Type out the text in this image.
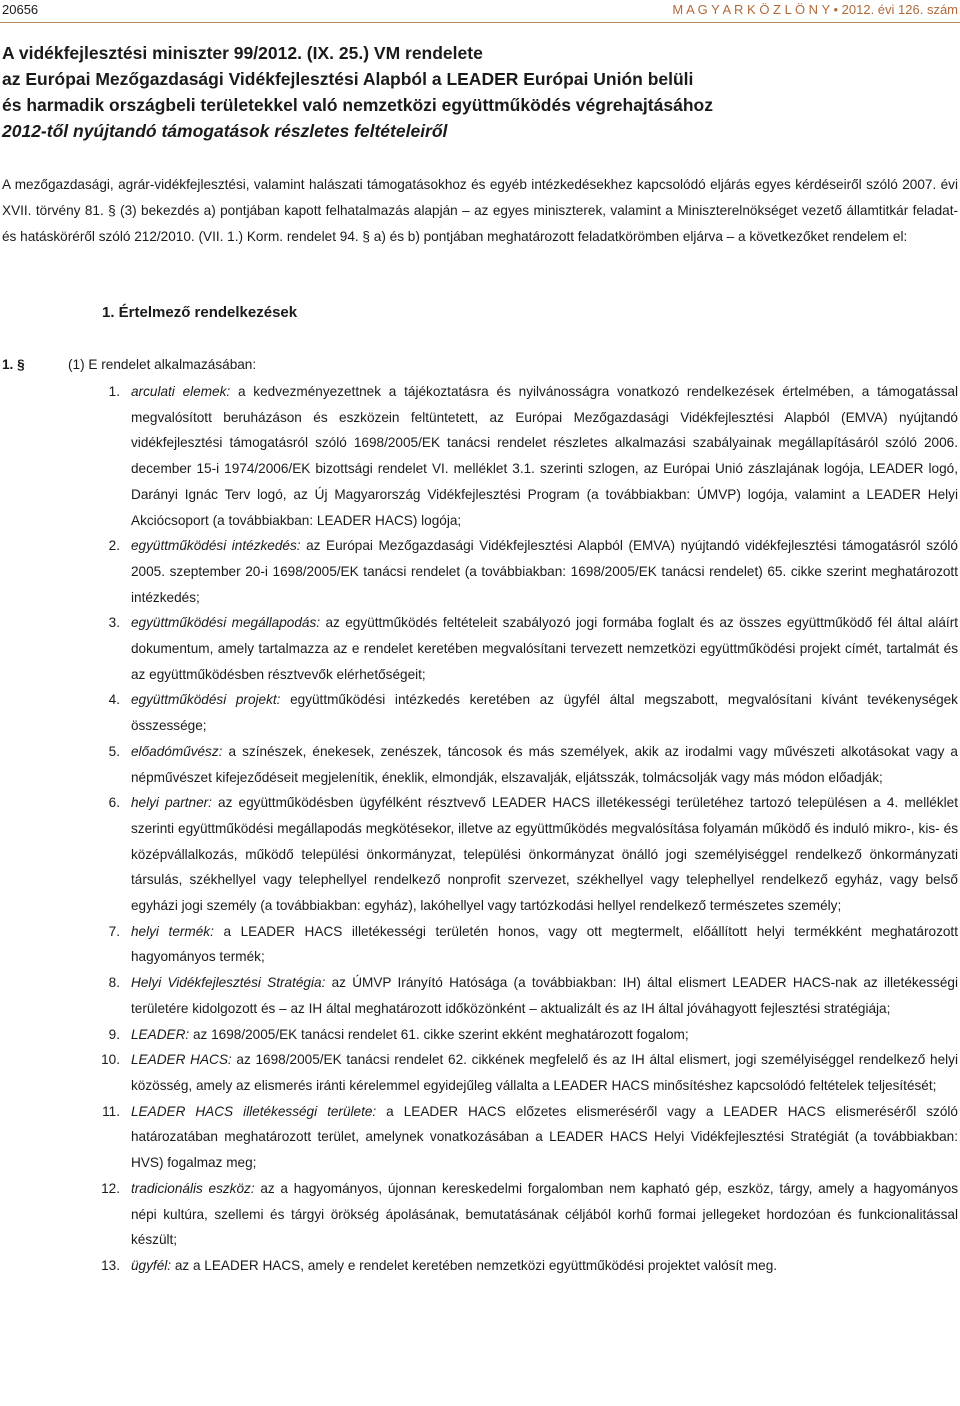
20656	M A G Y A R K Ö Z L Ö N Y • 2012. évi 126. szám
A vidékfejlesztési miniszter 99/2012. (IX. 25.) VM rendelete
az Európai Mezőgazdasági Vidékfejlesztési Alapból a LEADER Európai Unión belüli
és harmadik országbeli területekkel való nemzetközi együttműködés végrehajtásához
2012-től nyújtandó támogatások részletes feltételeiről
A mezőgazdasági, agrár-vidékfejlesztési, valamint halászati támogatásokhoz és egyéb intézkedésekhez kapcsolódó eljárás egyes kérdéseiről szóló 2007. évi XVII. törvény 81. § (3) bekezdés a) pontjában kapott felhatalmazás alapján – az egyes miniszterek, valamint a Miniszterelnökséget vezető államtitkár feladat- és hatásköréről szóló 212/2010. (VII. 1.) Korm. rendelet 94. § a) és b) pontjában meghatározott feladatkörömben eljárva – a következőket rendelem el:
1. Értelmező rendelkezések
1. §	(1) E rendelet alkalmazásában:
1. arculati elemek: a kedvezményezettnek a tájékoztatásra és nyilvánosságra vonatkozó rendelkezések értelmében, a támogatással megvalósított beruházáson és eszközein feltüntetett, az Európai Mezőgazdasági Vidékfejlesztési Alapból (EMVA) nyújtandó vidékfejlesztési támogatásról szóló 1698/2005/EK tanácsi rendelet részletes alkalmazási szabályainak megállapításáról szóló 2006. december 15-i 1974/2006/EK bizottsági rendelet VI. melléklet 3.1. szerinti szlogen, az Európai Unió zászlajának logója, LEADER logó, Darányi Ignác Terv logó, az Új Magyarország Vidékfejlesztési Program (a továbbiakban: ÚMVP) logója, valamint a LEADER Helyi Akciócsoport (a továbbiakban: LEADER HACS) logója;
2. együttműködési intézkedés: az Európai Mezőgazdasági Vidékfejlesztési Alapból (EMVA) nyújtandó vidékfejlesztési támogatásról szóló 2005. szeptember 20-i 1698/2005/EK tanácsi rendelet (a továbbiakban: 1698/2005/EK tanácsi rendelet) 65. cikke szerint meghatározott intézkedés;
3. együttműködési megállapodás: az együttműködés feltételeit szabályozó jogi formába foglalt és az összes együttműködő fél által aláírt dokumentum, amely tartalmazza az e rendelet keretében megvalósítani tervezett nemzetközi együttműködési projekt címét, tartalmát és az együttműködésben résztvevők elérhetőségeit;
4. együttműködési projekt: együttműködési intézkedés keretében az ügyfél által megszabott, megvalósítani kívánt tevékenységek összessége;
5. előadóművész: a színészek, énekesek, zenészek, táncosok és más személyek, akik az irodalmi vagy művészeti alkotásokat vagy a népművészet kifejeződéseit megjelenítik, éneklik, elmondják, elszavalják, eljátsszák, tolmácsolják vagy más módon előadják;
6. helyi partner: az együttműködésben ügyfélként résztvevő LEADER HACS illetékességi területéhez tartozó településen a 4. melléklet szerinti együttműködési megállapodás megkötésekor, illetve az együttműködés megvalósítása folyamán működő és induló mikro-, kis- és középvállalkozás, működő települési önkormányzat, települési önkormányzat önálló jogi személyiséggel rendelkező önkormányzati társulás, székhellyel vagy telephellyel rendelkező nonprofit szervezet, székhellyel vagy telephellyel rendelkező egyház, vagy belső egyházi jogi személy (a továbbiakban: egyház), lakóhellyel vagy tartózkodási hellyel rendelkező természetes személy;
7. helyi termék: a LEADER HACS illetékességi területén honos, vagy ott megtermelt, előállított helyi termékként meghatározott hagyományos termék;
8. Helyi Vidékfejlesztési Stratégia: az ÚMVP Irányító Hatósága (a továbbiakban: IH) által elismert LEADER HACS-nak az illetékességi területére kidolgozott és – az IH által meghatározott időközönként – aktualizált és az IH által jóváhagyott fejlesztési stratégiája;
9. LEADER: az 1698/2005/EK tanácsi rendelet 61. cikke szerint ekként meghatározott fogalom;
10. LEADER HACS: az 1698/2005/EK tanácsi rendelet 62. cikkének megfelelő és az IH által elismert, jogi személyiséggel rendelkező helyi közösség, amely az elismerés iránti kérelemmel egyidejűleg vállalta a LEADER HACS minősítéshez kapcsolódó feltételek teljesítését;
11. LEADER HACS illetékességi területe: a LEADER HACS előzetes elismeréséről vagy a LEADER HACS elismeréséről szóló határozatában meghatározott terület, amelynek vonatkozásában a LEADER HACS Helyi Vidékfejlesztési Stratégiát (a továbbiakban: HVS) fogalmaz meg;
12. tradicionális eszköz: az a hagyományos, újonnan kereskedelmi forgalomban nem kapható gép, eszköz, tárgy, amely a hagyományos népi kultúra, szellemi és tárgyi örökség ápolásának, bemutatásának céljából korhű formai jellegeket hordozóan és funkcionalitással készült;
13. ügyfél: az a LEADER HACS, amely e rendelet keretében nemzetközi együttműködési projektet valósít meg.
